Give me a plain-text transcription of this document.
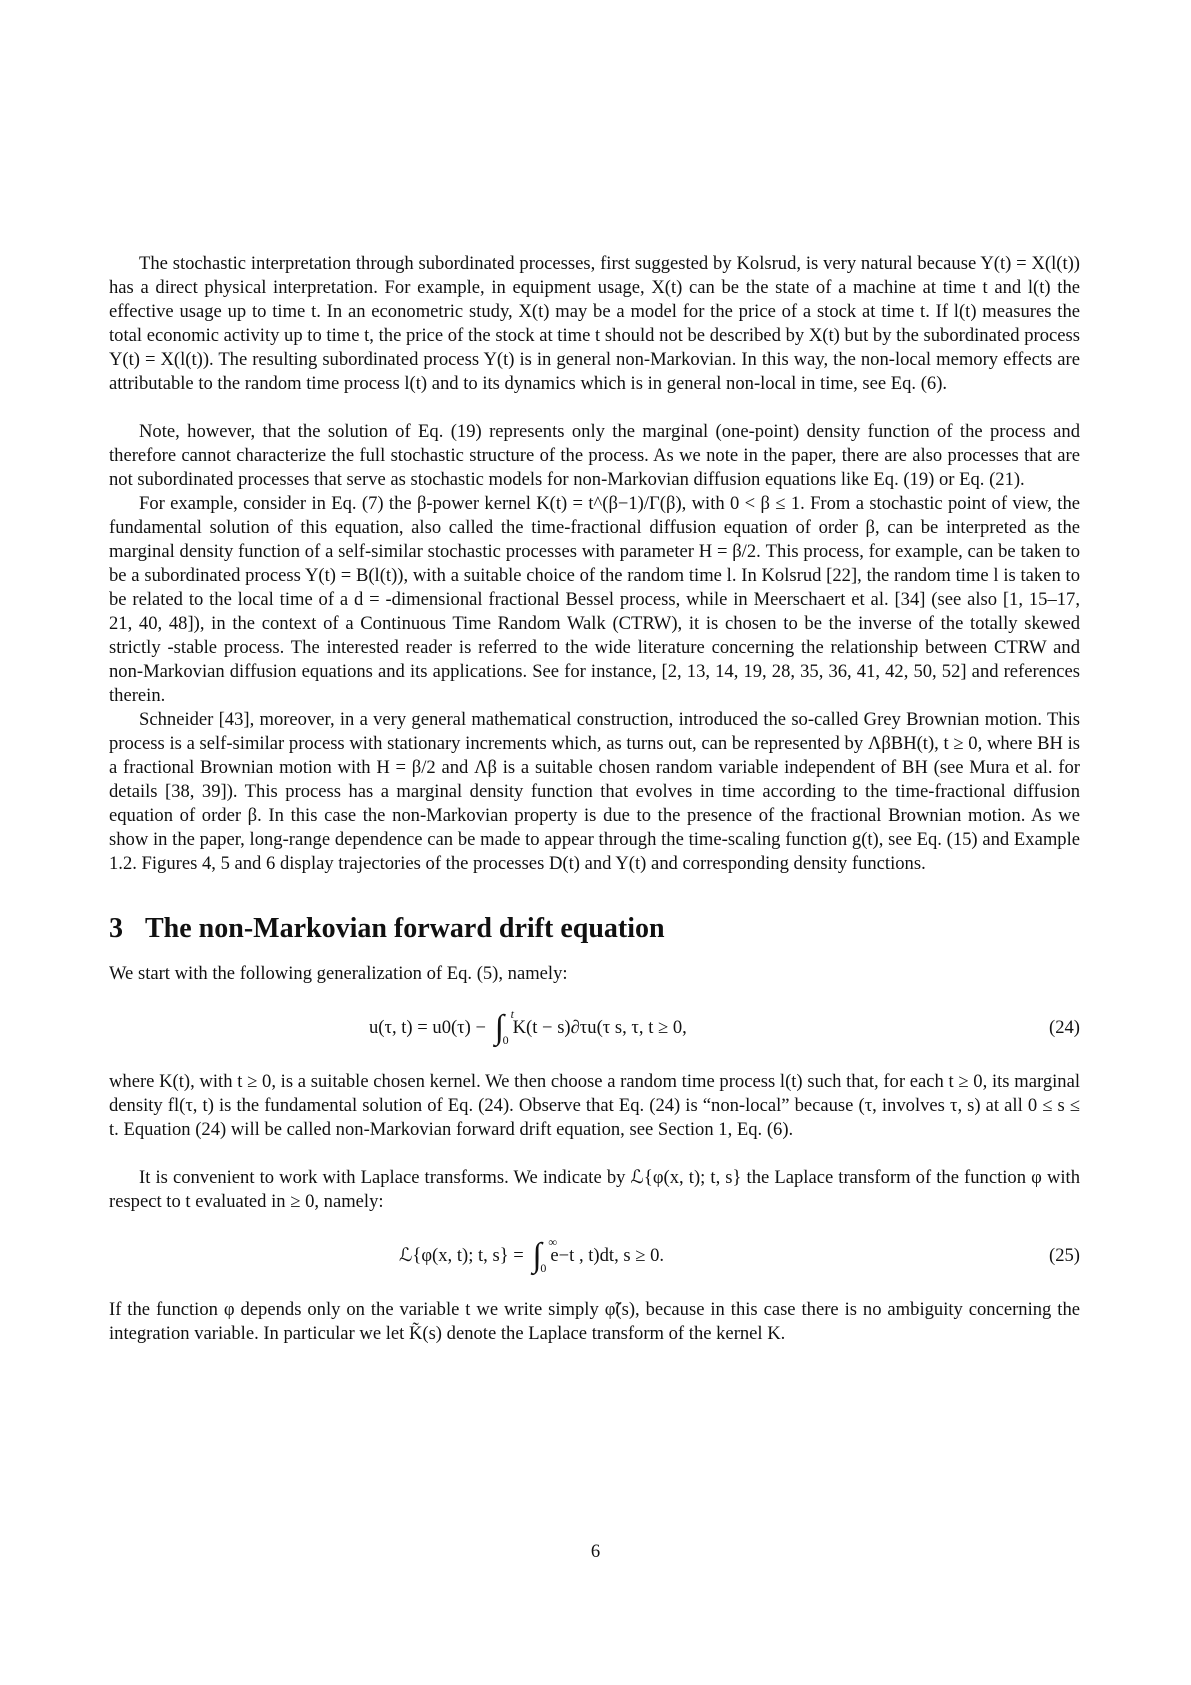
The stochastic interpretation through subordinated processes, first suggested by Kolsrud, is very natural because Y(t) = X(l(t)) has a direct physical interpretation. For example, in equipment usage, X(t) can be the state of a machine at time t and l(t) the effective usage up to time t. In an econometric study, X(t) may be a model for the price of a stock at time t. If l(t) measures the total economic activity up to time t, the price of the stock at time t should not be described by X(t) but by the subordinated process Y(t) = X(l(t)). The resulting subordinated process Y(t) is in general non-Markovian. In this way, the non-local memory effects are attributable to the random time process l(t) and to its dynamics which is in general non-local in time, see Eq. (6).

Note, however, that the solution of Eq. (19) represents only the marginal (one-point) density function of the process and therefore cannot characterize the full stochastic structure of the process. As we note in the paper, there are also processes that are not subordinated processes that serve as stochastic models for non-Markovian diffusion equations like Eq. (19) or Eq. (21).

For example, consider in Eq. (7) the β-power kernel K(t) = t^(β−1)/Γ(β), with 0 < β ≤ 1. From a stochastic point of view, the fundamental solution of this equation, also called the time-fractional diffusion equation of order β, can be interpreted as the marginal density function of a self-similar stochastic processes with parameter H = β/2. This process, for example, can be taken to be a subordinated process Y(t) = B(l(t)), with a suitable choice of the random time l. In Kolsrud [22], the random time l is taken to be related to the local time of a d = -dimensional fractional Bessel process, while in Meerschaert et al. [34] (see also [1, 15–17, 21, 40, 48]), in the context of a Continuous Time Random Walk (CTRW), it is chosen to be the inverse of the totally skewed strictly -stable process. The interested reader is referred to the wide literature concerning the relationship between CTRW and non-Markovian diffusion equations and its applications. See for instance, [2, 13, 14, 19, 28, 35, 36, 41, 42, 50, 52] and references therein.

Schneider [43], moreover, in a very general mathematical construction, introduced the so-called Grey Brownian motion. This process is a self-similar process with stationary increments which, as turns out, can be represented by ΛβBH(t), t ≥ 0, where BH is a fractional Brownian motion with H = β/2 and Λβ is a suitable chosen random variable independent of BH (see Mura et al. for details [38, 39]). This process has a marginal density function that evolves in time according to the time-fractional diffusion equation of order β. In this case the non-Markovian property is due to the presence of the fractional Brownian motion. As we show in the paper, long-range dependence can be made to appear through the time-scaling function g(t), see Eq. (15) and Example 1.2. Figures 4, 5 and 6 display trajectories of the processes D(t) and Y(t) and corresponding density functions.

3 The non-Markovian forward drift equation

We start with the following generalization of Eq. (5), namely:

u(τ, t) = u0(τ) − ∫ t
0
K(t − s)∂τu(τ s, τ, t ≥ 0,	(24)

where K(t), with t ≥ 0, is a suitable chosen kernel. We then choose a random time process l(t) such that, for each t ≥ 0, its marginal density fl(τ, t) is the fundamental solution of Eq. (24). Observe that Eq. (24) is “non-local” because (τ, involves τ, s) at all 0 ≤ s ≤ t. Equation (24) will be called non-Markovian forward drift equation, see Section 1, Eq. (6).

It is convenient to work with Laplace transforms. We indicate by ℒ{φ(x, t); t, s} the Laplace transform of the function φ with respect to t evaluated in ≥ 0, namely:

ℒ{φ(x, t); t, s} = ∫ ∞
0
e−t , t)dt, s ≥ 0.	(25)

If the function φ depends only on the variable t we write simply φ̃(s), because in this case there is no ambiguity concerning the integration variable. In particular we let K̃(s) denote the Laplace transform of the kernel K.

6
